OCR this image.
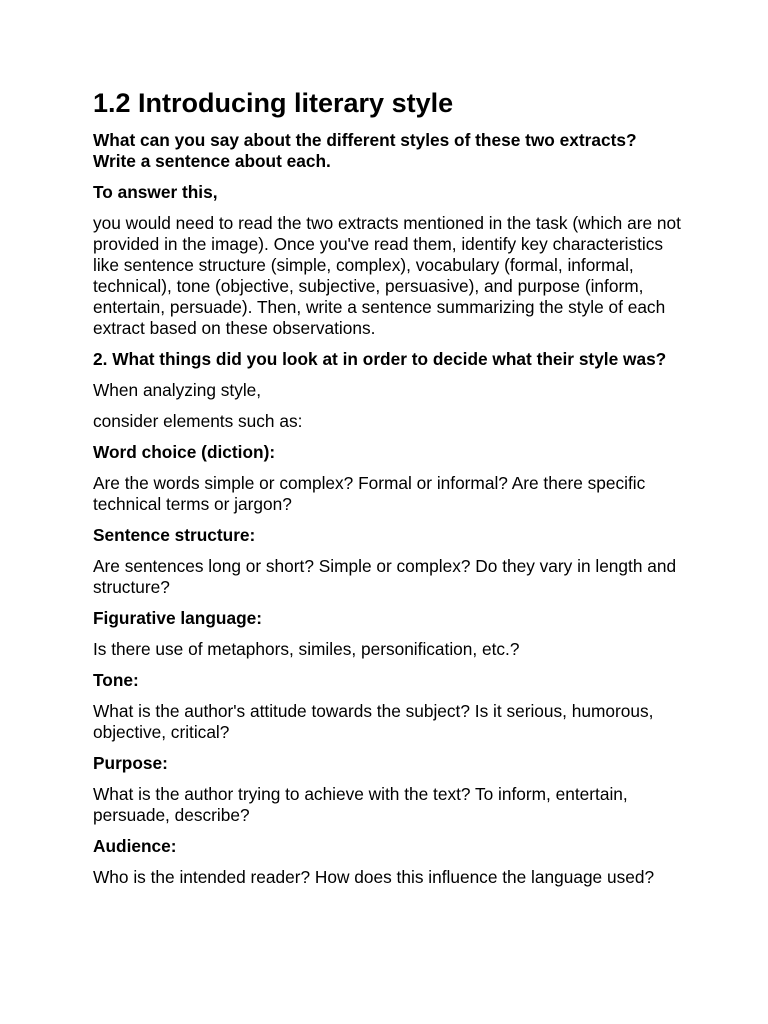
1.2 Introducing literary style

What can you say about the different styles of these two extracts? Write a sentence about each.

To answer this,

you would need to read the two extracts mentioned in the task (which are not provided in the image). Once you've read them, identify key characteristics like sentence structure (simple, complex), vocabulary (formal, informal, technical), tone (objective, subjective, persuasive), and purpose (inform, entertain, persuade). Then, write a sentence summarizing the style of each extract based on these observations.

2. What things did you look at in order to decide what their style was?

When analyzing style,

consider elements such as:

Word choice (diction):

Are the words simple or complex? Formal or informal? Are there specific technical terms or jargon?

Sentence structure:

Are sentences long or short? Simple or complex? Do they vary in length and structure?

Figurative language:

Is there use of metaphors, similes, personification, etc.?

Tone:

What is the author's attitude towards the subject? Is it serious, humorous, objective, critical?

Purpose:

What is the author trying to achieve with the text? To inform, entertain, persuade, describe?

Audience:

Who is the intended reader? How does this influence the language used?
